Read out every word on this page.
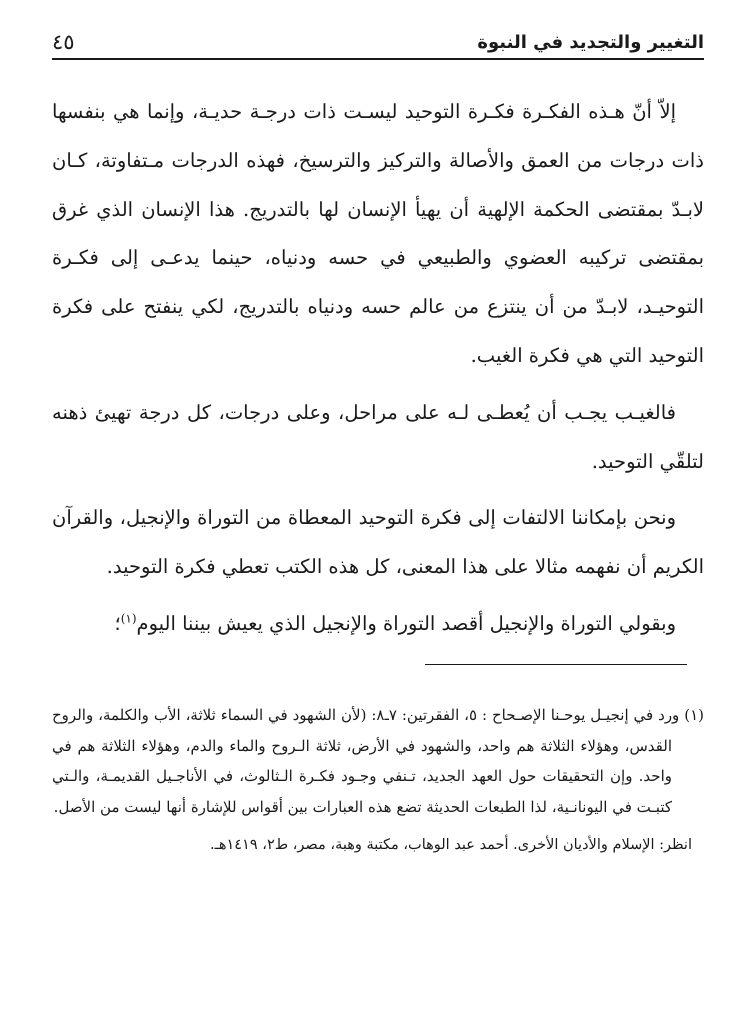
التغيير والتجديد في النبوة
٤٥

إلاّ أنّ هـذه الفكـرة فكـرة التوحيد ليسـت ذات درجـة حديـة، وإنما هي بنفسها ذات درجات من العمق والأصالة والتركيز والترسيخ، فهذه الدرجات مـتفاوتة، كـان لابـدّ بمقتضى الحكمة الإلهية أن يهيأ الإنسان لها بالتدريج. هذا الإنسان الذي غرق بمقتضى تركيبه العضوي والطبيعي في حسه ودنياه، حينما يدعـى إلى فكـرة التوحيـد، لابـدّ من أن ينتزع من عالم حسه ودنياه بالتدريج، لكي ينفتح على فكرة التوحيد التي هي فكرة الغيب.

فالغيـب يجـب أن يُعطـى لـه على مراحل، وعلى درجات، كل درجة تهيئ ذهنه لتلقّي التوحيد.

ونحن بإمكاننا الالتفات إلى فكرة التوحيد المعطاة من التوراة والإنجيل، والقرآن الكريم أن نفهمه مثالا على هذا المعنى، كل هذه الكتب تعطي فكرة التوحيد.

وبقولي التوراة والإنجيل أقصد التوراة والإنجيل الذي يعيش بيننا اليوم$^{(١)}$؛

(١) ورد في إنجيـل يوحـنا الإصـحاح : ٥، الفقرتين: ٧ـ٨: (لأن الشهود في السماء ثلاثة، الأب والكلمة، والروح القدس، وهؤلاء الثلاثة هم واحد، والشهود في الأرض، ثلاثة الـروح والماء والدم، وهؤلاء الثلاثة هم في واحد. وإن التحقيقات حول العهد الجديد، تـنفي وجـود فكـرة الـثالوث، في الأناجـيل القديمـة، والـتي كتبـت في اليونانـية، لذا الطبعات الحديثة تضع هذه العبارات بين أقواس للإشارة أنها ليست من الأصل.

انظر: الإسلام والأديان الأخرى. أحمد عبد الوهاب، مكتبة وهبة، مصر، ط٢، ١٤١٩هـ.
